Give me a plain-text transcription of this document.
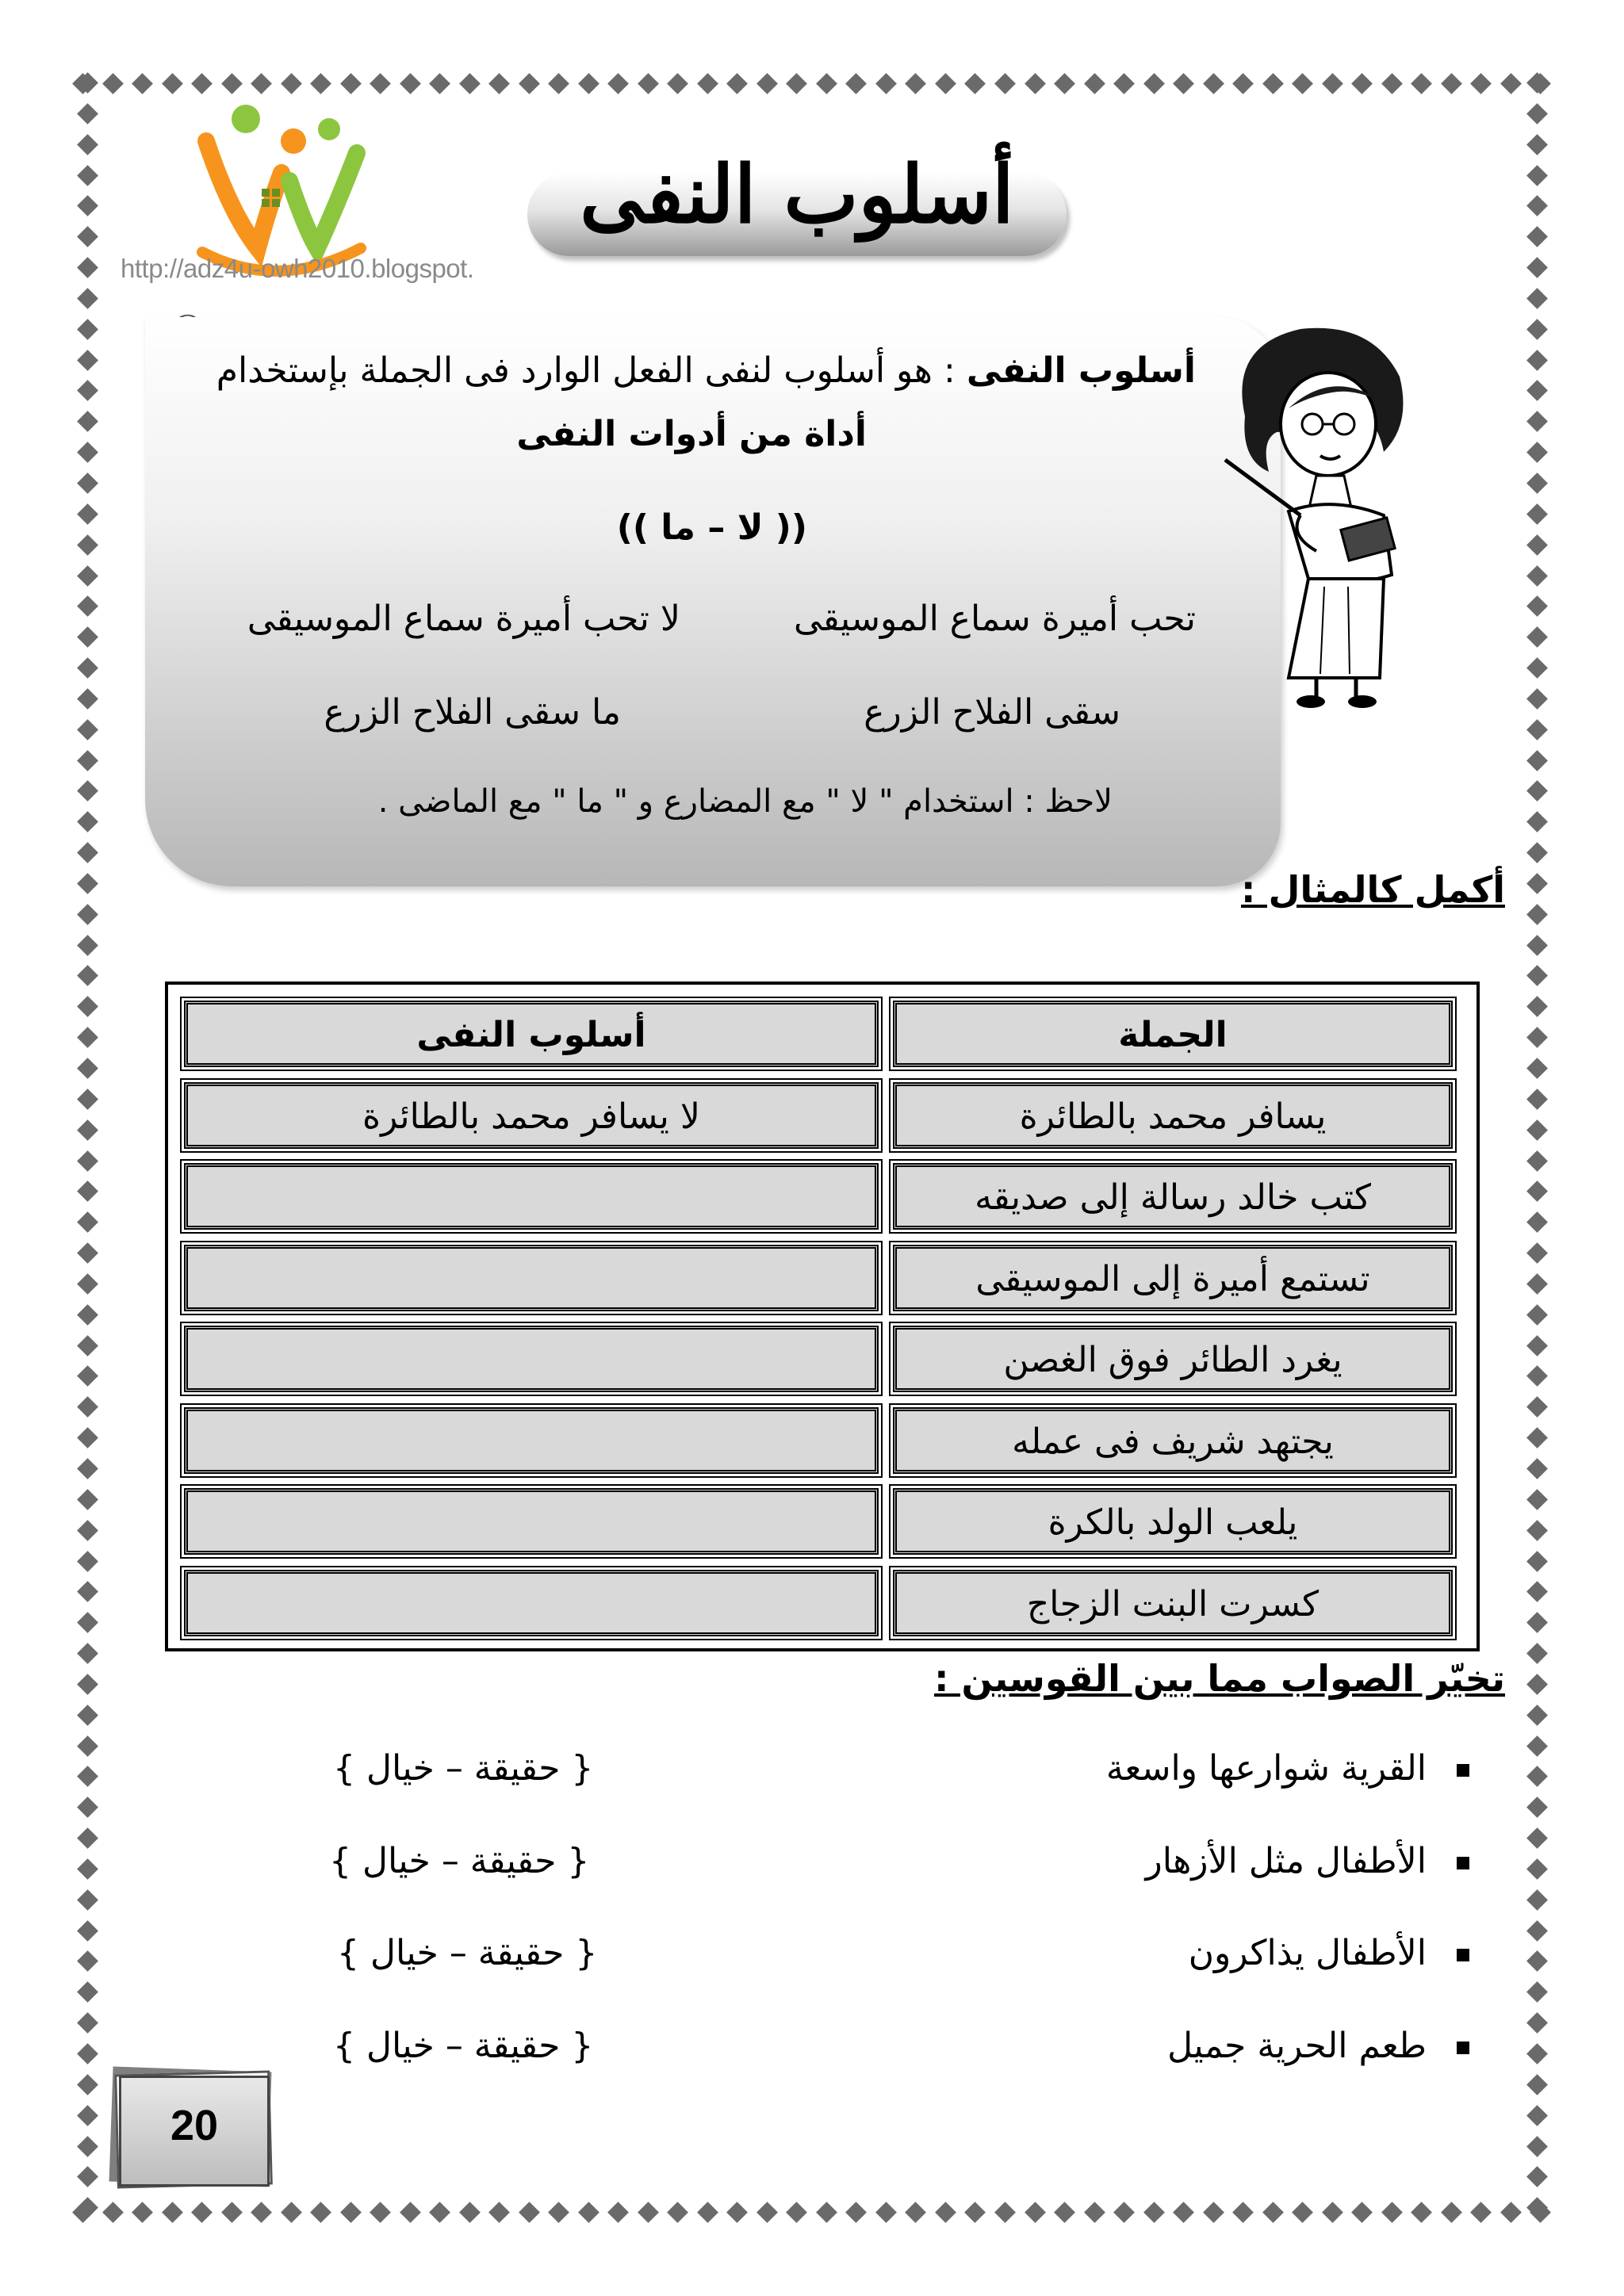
http://adz4u-owh2010.blogspot.
أسلوب النفى
أسلوب النفى : هو أسلوب لنفى الفعل الوارد فى الجملة بإستخدام
أداة من أدوات النفى
(( لا – ما ))
تحب أميرة سماع الموسيقى
لا تحب أميرة سماع الموسيقى
سقى الفلاح الزرع
ما سقى الفلاح الزرع
لاحظ : استخدام " لا " مع المضارع و " ما " مع الماضى .
أكمل كالمثال :
الجملة
أسلوب النفى
يسافر محمد بالطائرة
لا يسافر محمد بالطائرة
كتب خالد رسالة إلى صديقه
تستمع أميرة إلى الموسيقى
يغرد الطائر فوق الغصن
يجتهد شريف فى عمله
يلعب الولد بالكرة
كسرت البنت الزجاج
تخيّر الصواب مما بين القوسين :
القرية شوارعها واسعة
{ حقيقة – خيال }
الأطفال مثل الأزهار
{ حقيقة – خيال }
الأطفال يذاكرون
{ حقيقة – خيال }
طعم الحرية جميل
{ حقيقة – خيال }
20
